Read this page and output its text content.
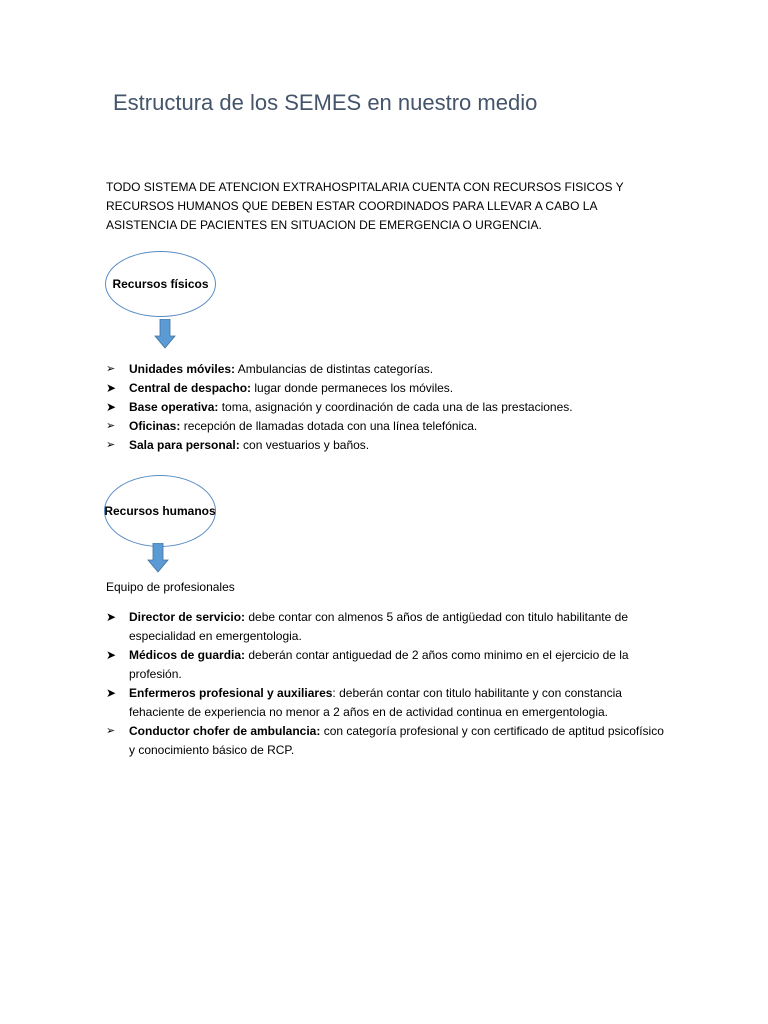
Estructura de los SEMES en nuestro medio

TODO SISTEMA DE ATENCION EXTRAHOSPITALARIA CUENTA CON RECURSOS FISICOS Y RECURSOS HUMANOS QUE DEBEN ESTAR COORDINADOS PARA LLEVAR A CABO LA ASISTENCIA DE PACIENTES EN SITUACION DE EMERGENCIA O URGENCIA.

Recursos físicos
➢	Unidades móviles: Ambulancias de distintas categorías.
➤	Central de despacho: lugar donde permaneces los móviles.
➤	Base operativa: toma, asignación y coordinación de cada una de las prestaciones.
➢	Oficinas: recepción de llamadas dotada con una línea telefónica.
➢	Sala para personal: con vestuarios y baños.
Recursos humanos

Equipo de profesionales

➤	Director de servicio: debe contar con almenos 5 años de antigüedad con titulo habilitante de especialidad en emergentologia.
➤	Médicos de guardia: deberán contar antiguedad de 2 años como minimo en el ejercicio de la profesión.
➤	Enfermeros profesional y auxiliares: deberán contar con titulo habilitante y con constancia fehaciente de experiencia no menor a 2 años en de actividad continua en emergentologia.
➢	Conductor chofer de ambulancia: con categoría profesional y con certificado de aptitud psicofísico y conocimiento básico de RCP.
